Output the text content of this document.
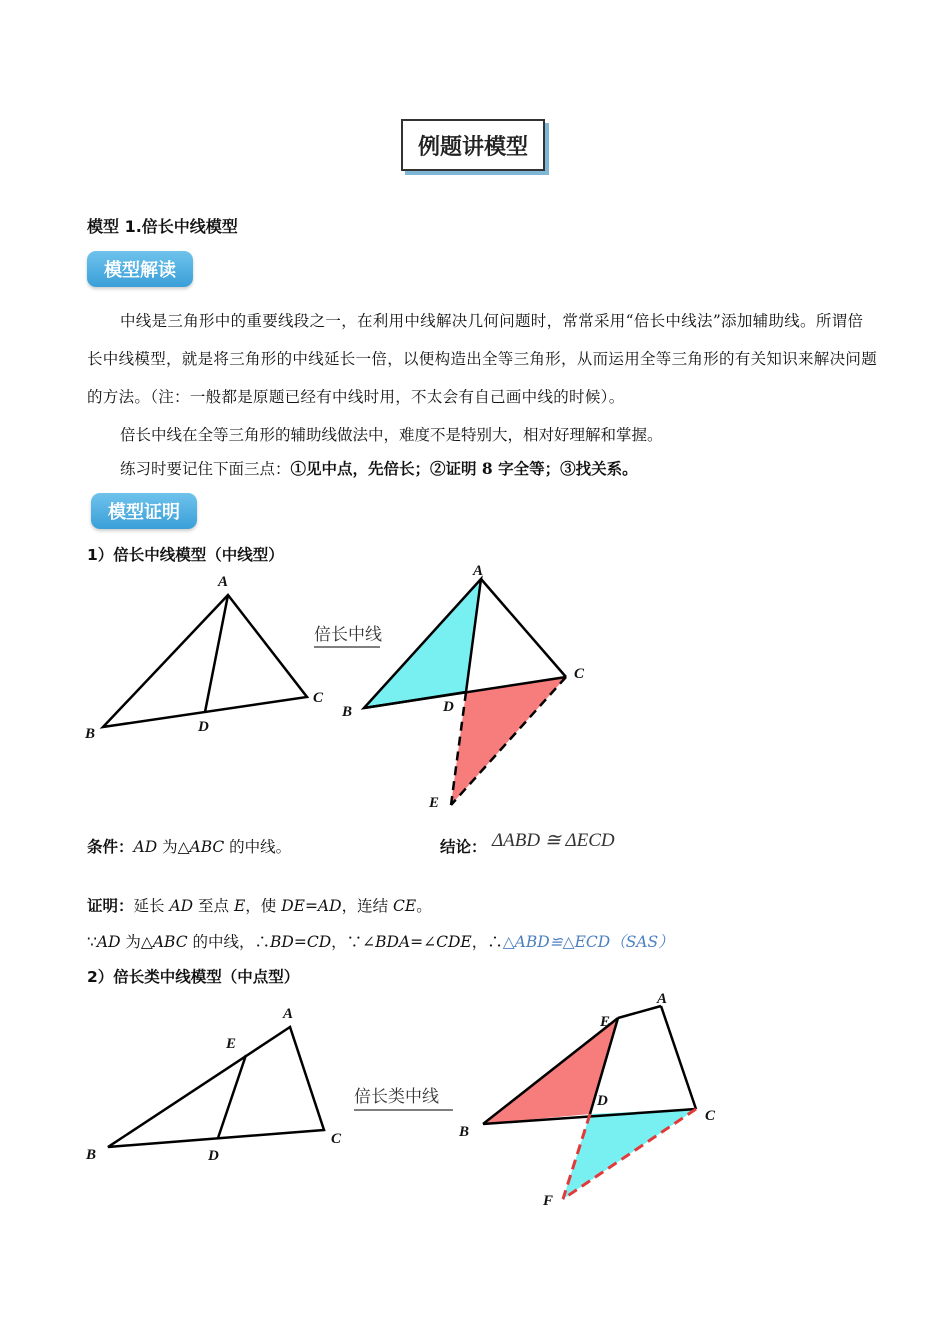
例题讲模型
模型 1.倍长中线模型
模型解读
中线是三角形中的重要线段之一，在利用中线解决几何问题时，常常采用“倍长中线法”添加辅助线。所谓倍长中线模型，就是将三角形的中线延长一倍，以便构造出全等三角形，从而运用全等三角形的有关知识来解决问题的方法。（注：一般都是原题已经有中线时用，不太会有自己画中线的时候）。
倍长中线在全等三角形的辅助线做法中，难度不是特别大，相对好理解和掌握。
练习时要记住下面三点：①见中点，先倍长；②证明 8 字全等；③找关系。
模型证明
1）倍长中线模型（中线型）
A
B
C
D
倍长中线
A
B
C
D
E
条件：AD 为△ABC 的中线。	结论： ΔABD ≅ ΔECD
证明：延长 AD 至点 E，使 DE=AD，连结 CE。
∵AD 为△ABC 的中线，∴BD=CD，∵∠BDA=∠CDE，∴△ABD≌△ECD（SAS）
2）倍长类中线模型（中点型）
A
B
C
D
E
倍长类中线
A
B
C
D
E
F
